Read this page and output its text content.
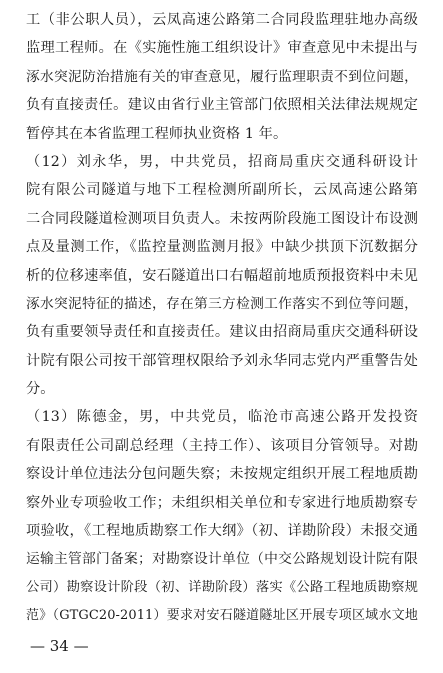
工（非公职人员），云凤高速公路第二合同段监理驻地办高级
监理工程师。在《实施性施工组织设计》审查意见中未提出与
涿水突泥防治措施有关的审查意见，履行监理职责不到位问题，
负有直接责任。建议由省行业主管部门依照相关法律法规规定
暂停其在本省监理工程师执业资格 1 年。
（12）刘永华，男，中共党员，招商局重庆交通科研设计
院有限公司隧道与地下工程检测所副所长，云凤高速公路第
二合同段隧道检测项目负责人。未按两阶段施工图设计布设测
点及量测工作，《监控量测监测月报》中缺少拱顶下沉数据分
析的位移速率值，安石隧道出口右幅超前地质预报资料中未见
涿水突泥特征的描述，存在第三方检测工作落实不到位等问题，
负有重要领导责任和直接责任。建议由招商局重庆交通科研设
计院有限公司按干部管理权限给予刘永华同志党内严重警告处
分。
（13）陈德金，男，中共党员，临沧市高速公路开发投资
有限责任公司副总经理（主持工作）、该项目分管领导。对勘
察设计单位违法分包问题失察；未按规定组织开展工程地质勘
察外业专项验收工作；未组织相关单位和专家进行地质勘察专
项验收，《工程地质勘察工作大纲》（初、详勘阶段）未报交通
运输主管部门备案；对勘察设计单位（中交公路规划设计院有限
公司）勘察设计阶段（初、详勘阶段）落实《公路工程地质勘察规
范》（GTGC20-2011）要求对安石隧道隧址区开展专项区域水文地
— 34 —
